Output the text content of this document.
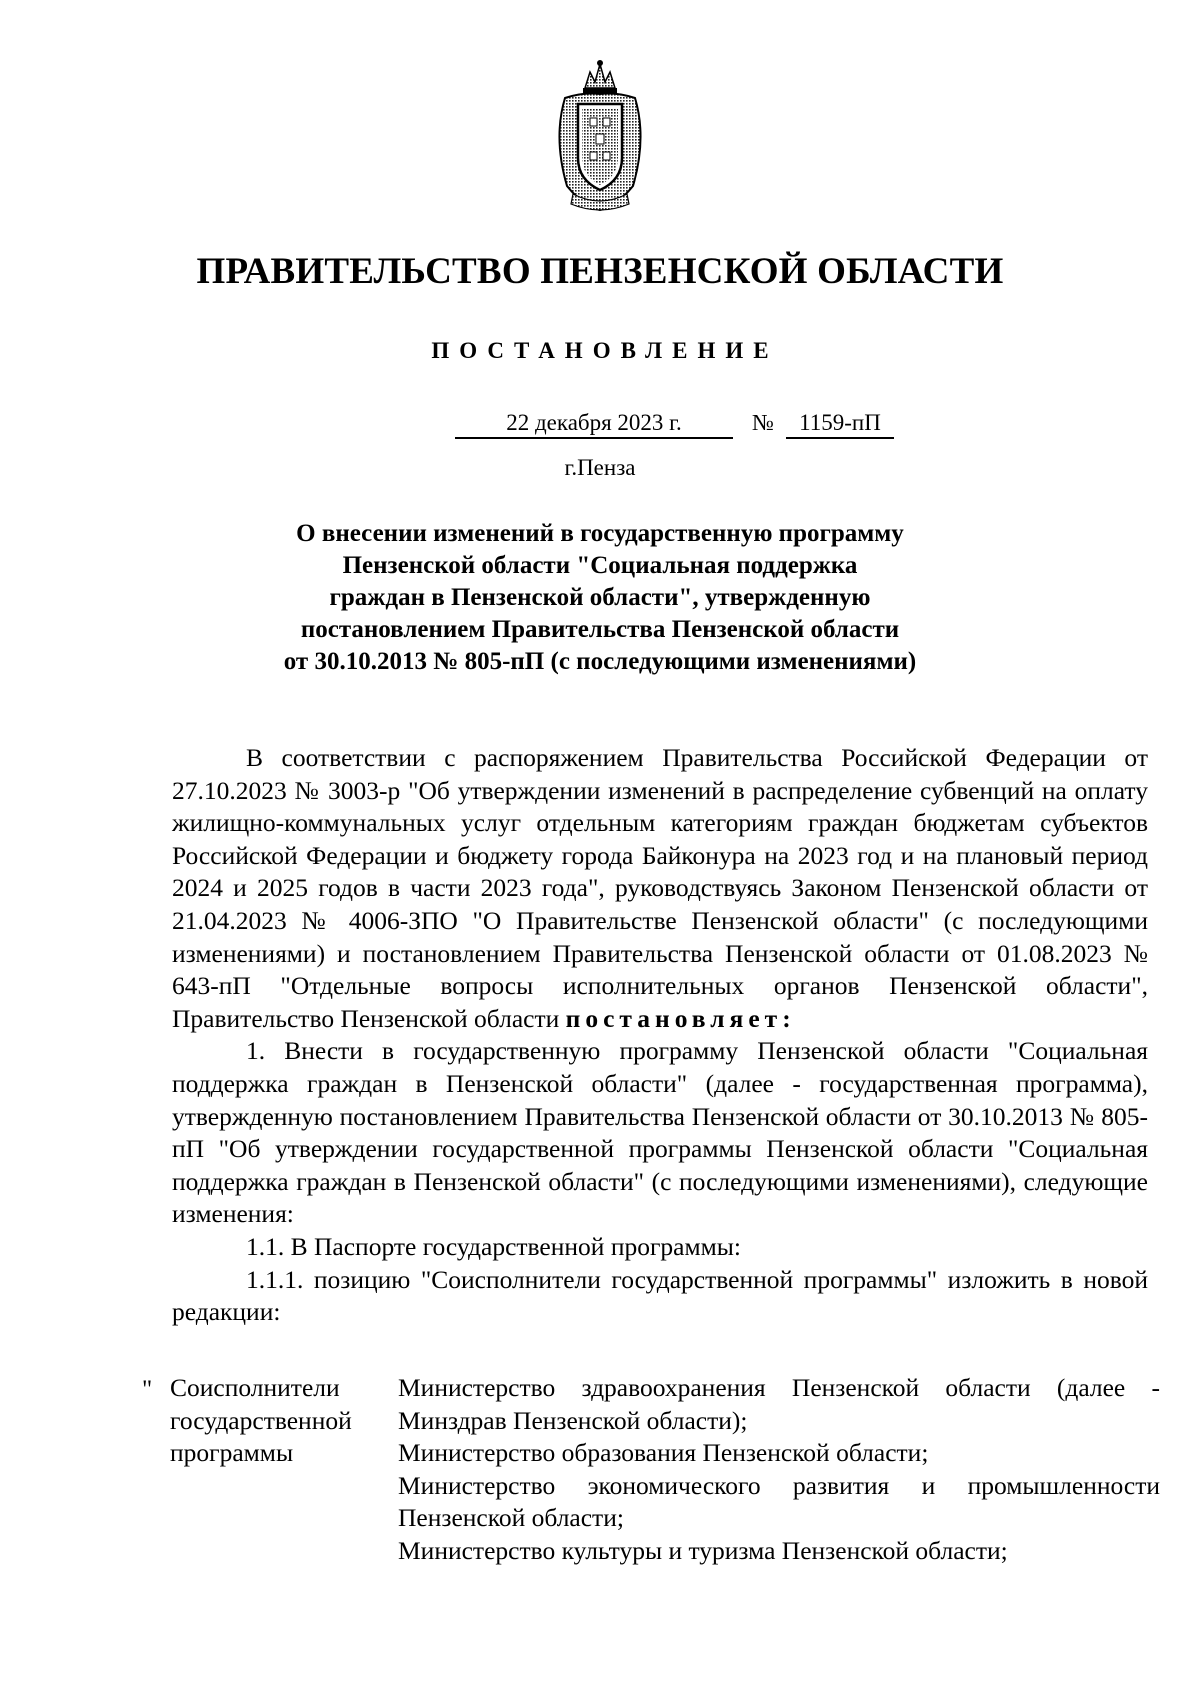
ПРАВИТЕЛЬСТВО ПЕНЗЕНСКОЙ ОБЛАСТИ
ПОСТАНОВЛЕНИЕ
22 декабря 2023 г.	№	1159-пП
г.Пенза
О внесении изменений в государственную программу
Пензенской области "Социальная поддержка
граждан в Пензенской области", утвержденную
постановлением Правительства Пензенской области
от 30.10.2013 № 805-пП (с последующими изменениями)

В соответствии с распоряжением Правительства Российской Федерации от 27.10.2023 № 3003-р "Об утверждении изменений в распределение субвенций на оплату жилищно-коммунальных услуг отдельным категориям граждан бюджетам субъектов Российской Федерации и бюджету города Байконура на 2023 год и на плановый период 2024 и 2025 годов в части 2023 года", руководствуясь Законом Пензенской области от 21.04.2023 № 4006-ЗПО "О Правительстве Пензенской области" (с последующими изменениями) и постановлением Правительства Пензенской области от 01.08.2023 № 643-пП "Отдельные вопросы исполнительных органов Пензенской области", Правительство Пензенской области постановляет:

1. Внести в государственную программу Пензенской области "Социальная поддержка граждан в Пензенской области" (далее - государственная программа), утвержденную постановлением Правительства Пензенской области от 30.10.2013 № 805-пП "Об утверждении государственной программы Пензенской области "Социальная поддержка граждан в Пензенской области" (с последующими изменениями), следующие изменения:

1.1. В Паспорте государственной программы:

1.1.1. позицию "Соисполнители государственной программы" изложить в новой редакции:

" Соисполнители
государственной
программы
Министерство здравоохранения Пензенской области (далее - Минздрав Пензенской области);
Министерство образования Пензенской области;
Министерство экономического развития и промышленности Пензенской области;
Министерство культуры и туризма Пензенской области;
